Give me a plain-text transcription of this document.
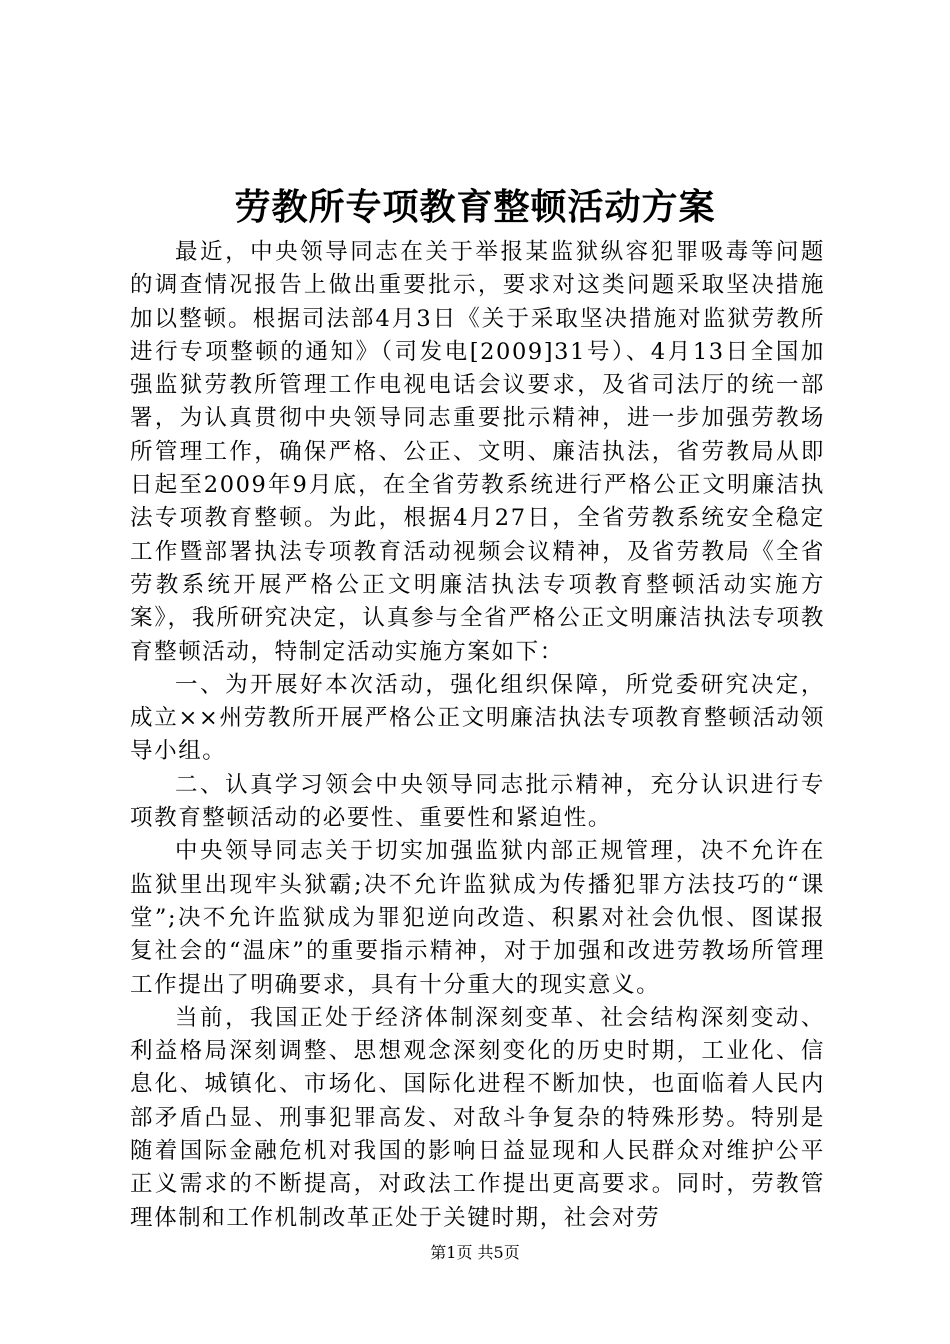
劳教所专项教育整顿活动方案

最近，中央领导同志在关于举报某监狱纵容犯罪吸毒等问题的调查情况报告上做出重要批示，要求对这类问题采取坚决措施加以整顿。根据司法部4月3日《关于采取坚决措施对监狱劳教所进行专项整顿的通知》（司发电[2009]31号）、4月13日全国加强监狱劳教所管理工作电视电话会议要求，及省司法厅的统一部署，为认真贯彻中央领导同志重要批示精神，进一步加强劳教场所管理工作，确保严格、公正、文明、廉洁执法，省劳教局从即日起至2009年9月底，在全省劳教系统进行严格公正文明廉洁执法专项教育整顿。为此，根据4月27日，全省劳教系统安全稳定工作暨部署执法专项教育活动视频会议精神，及省劳教局《全省劳教系统开展严格公正文明廉洁执法专项教育整顿活动实施方案》，我所研究决定，认真参与全省严格公正文明廉洁执法专项教育整顿活动，特制定活动实施方案如下：

一、为开展好本次活动，强化组织保障，所党委研究决定，成立××州劳教所开展严格公正文明廉洁执法专项教育整顿活动领导小组。

二、认真学习领会中央领导同志批示精神，充分认识进行专项教育整顿活动的必要性、重要性和紧迫性。

中央领导同志关于切实加强监狱内部正规管理，决不允许在监狱里出现牢头狱霸;决不允许监狱成为传播犯罪方法技巧的“课堂”;决不允许监狱成为罪犯逆向改造、积累对社会仇恨、图谋报复社会的“温床”的重要指示精神，对于加强和改进劳教场所管理工作提出了明确要求，具有十分重大的现实意义。

当前，我国正处于经济体制深刻变革、社会结构深刻变动、利益格局深刻调整、思想观念深刻变化的历史时期，工业化、信息化、城镇化、市场化、国际化进程不断加快，也面临着人民内部矛盾凸显、刑事犯罪高发、对敌斗争复杂的特殊形势。特别是随着国际金融危机对我国的影响日益显现和人民群众对维护公平正义需求的不断提高，对政法工作提出更高要求。同时，劳教管理体制和工作机制改革正处于关键时期，社会对劳

第1页 共5页
